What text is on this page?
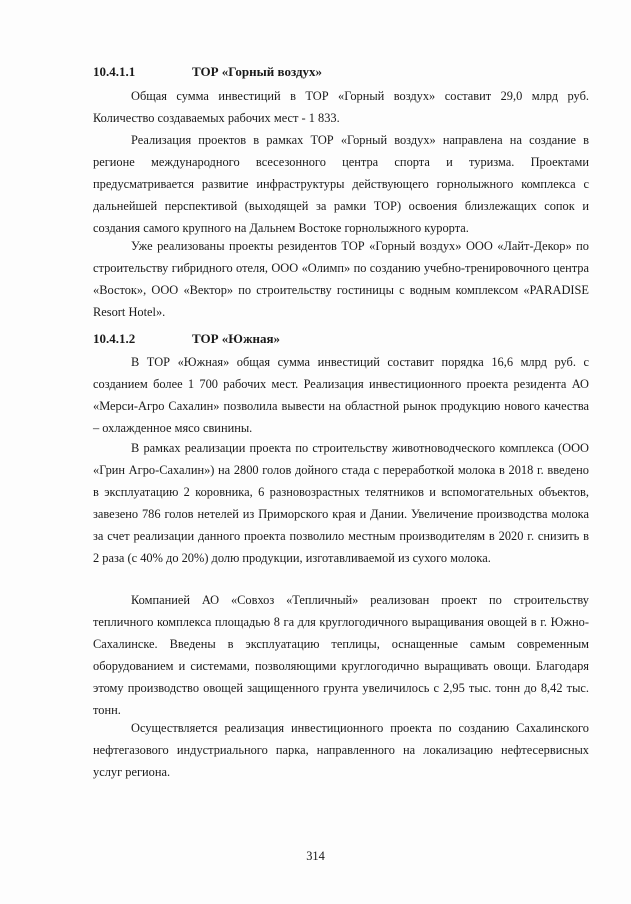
10.4.1.1	ТОР «Горный воздух»

Общая сумма инвестиций в ТОР «Горный воздух» составит 29,0 млрд руб. Количество создаваемых рабочих мест - 1 833.

Реализация проектов в рамках ТОР «Горный воздух» направлена на создание в регионе международного всесезонного центра спорта и туризма. Проектами предусматривается развитие инфраструктуры действующего горнолыжного комплекса с дальнейшей перспективой (выходящей за рамки ТОР) освоения близлежащих сопок и создания самого крупного на Дальнем Востоке горнолыжного курорта.

Уже реализованы проекты резидентов ТОР «Горный воздух» ООО «Лайт-Декор» по строительству гибридного отеля, ООО «Олимп» по созданию учебно-тренировочного центра «Восток», ООО «Вектор» по строительству гостиницы с водным комплексом «PARADISE Resort Hotel».

10.4.1.2	ТОР «Южная»

В ТОР «Южная» общая сумма инвестиций составит порядка 16,6 млрд руб. с созданием более 1 700 рабочих мест. Реализация инвестиционного проекта резидента АО «Мерси-Агро Сахалин» позволила вывести на областной рынок продукцию нового качества – охлажденное мясо свинины.

В рамках реализации проекта по строительству животноводческого комплекса (ООО «Грин Агро-Сахалин») на 2800 голов дойного стада с переработкой молока в 2018 г. введено в эксплуатацию 2 коровника, 6 разновозрастных телятников и вспомогательных объектов, завезено 786 голов нетелей из Приморского края и Дании. Увеличение производства молока за счет реализации данного проекта позволило местным производителям в 2020 г. снизить в 2 раза (с 40% до 20%) долю продукции, изготавливаемой из сухого молока.

Компанией АО «Совхоз «Тепличный» реализован проект по строительству тепличного комплекса площадью 8 га для круглогодичного выращивания овощей в г. Южно-Сахалинске. Введены в эксплуатацию теплицы, оснащенные самым современным оборудованием и системами, позволяющими круглогодично выращивать овощи. Благодаря этому производство овощей защищенного грунта увеличилось с 2,95 тыс. тонн до 8,42 тыс. тонн.

Осуществляется реализация инвестиционного проекта по созданию Сахалинского нефтегазового индустриального парка, направленного на локализацию нефтесервисных услуг региона.

314
